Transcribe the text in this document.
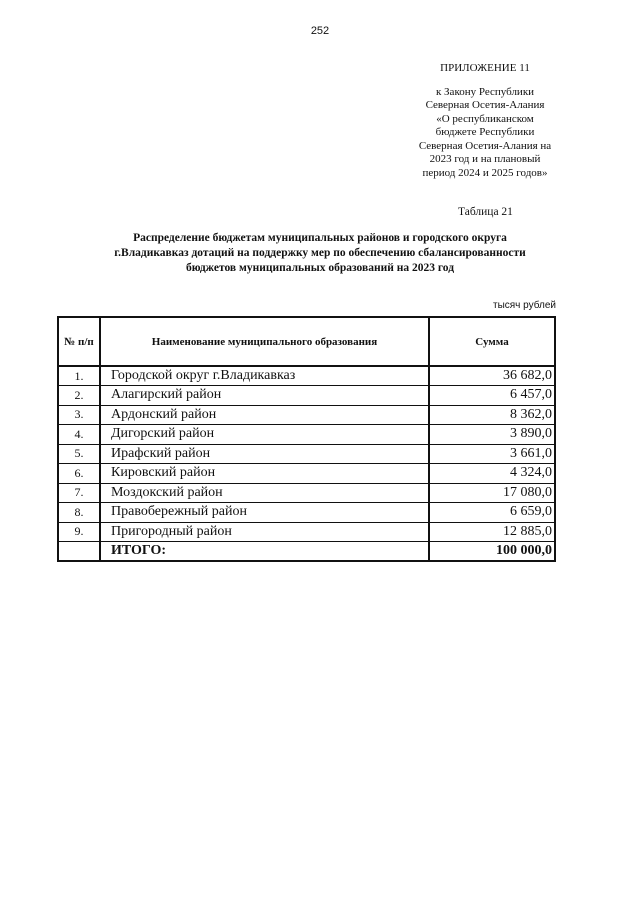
252
ПРИЛОЖЕНИЕ 11
к Закону Республики
Северная Осетия-Алания
«О республиканском
бюджете Республики
Северная Осетия-Алания на
2023 год и на плановый
период 2024 и 2025 годов»
Таблица 21
Распределение бюджетам муниципальных районов и городского округа
г.Владикавказ дотаций на поддержку мер по обеспечению сбалансированности
бюджетов муниципальных образований на 2023 год
тысяч рублей
№ п/п	Наименование муниципального образования	Сумма
1.	Городской округ г.Владикавказ	36 682,0
2.	Алагирский район	6 457,0
3.	Ардонский район	8 362,0
4.	Дигорский район	3 890,0
5.	Ирафский район	3 661,0
6.	Кировский район	4 324,0
7.	Моздокский район	17 080,0
8.	Правобережный район	6 659,0
9.	Пригородный район	12 885,0
	ИТОГО:	100 000,0
